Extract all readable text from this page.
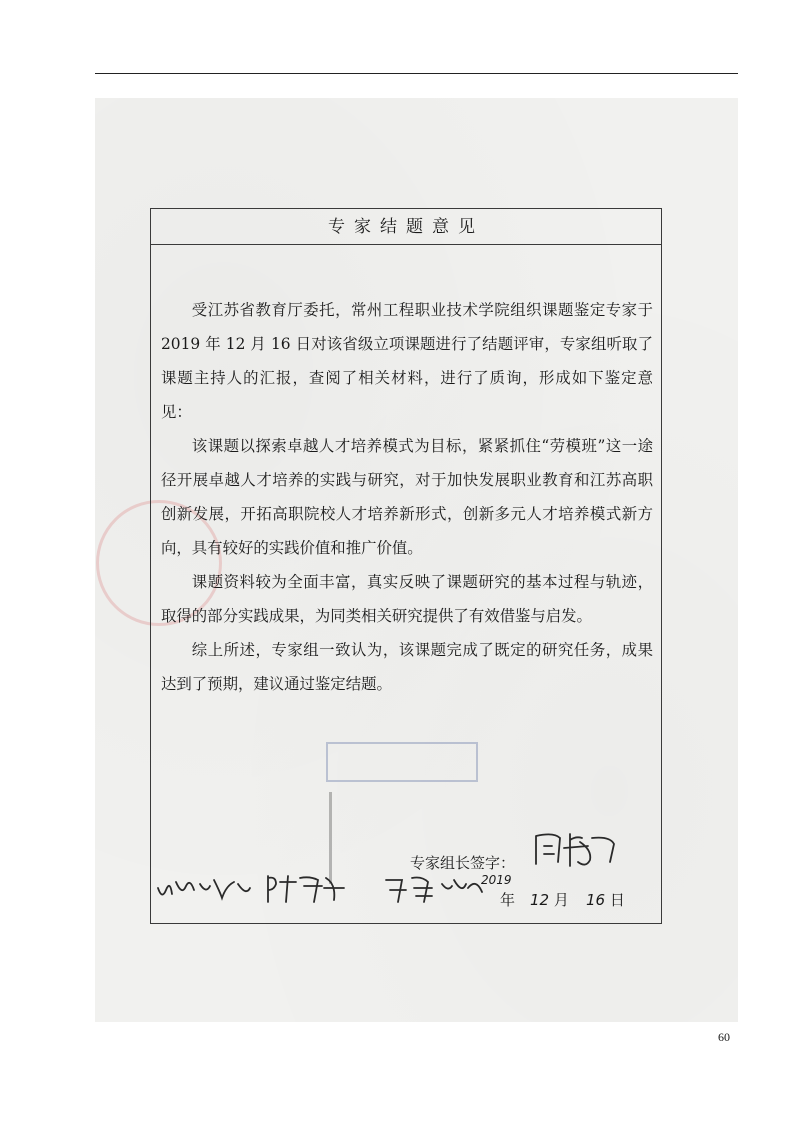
专家结题意见

受江苏省教育厅委托，常州工程职业技术学院组织课题鉴定专家于 2019 年 12 月 16 日对该省级立项课题进行了结题评审，专家组听取了课题主持人的汇报，查阅了相关材料，进行了质询，形成如下鉴定意见：

该课题以探索卓越人才培养模式为目标，紧紧抓住“劳模班”这一途径开展卓越人才培养的实践与研究，对于加快发展职业教育和江苏高职创新发展，开拓高职院校人才培养新形式，创新多元人才培养模式新方向，具有较好的实践价值和推广价值。

课题资料较为全面丰富，真实反映了课题研究的基本过程与轨迹，取得的部分实践成果，为同类相关研究提供了有效借鉴与启发。

综上所述，专家组一致认为，该课题完成了既定的研究任务，成果达到了预期，建议通过鉴定结题。

专家组长签字：
2019
年 12 月 16 日
60
